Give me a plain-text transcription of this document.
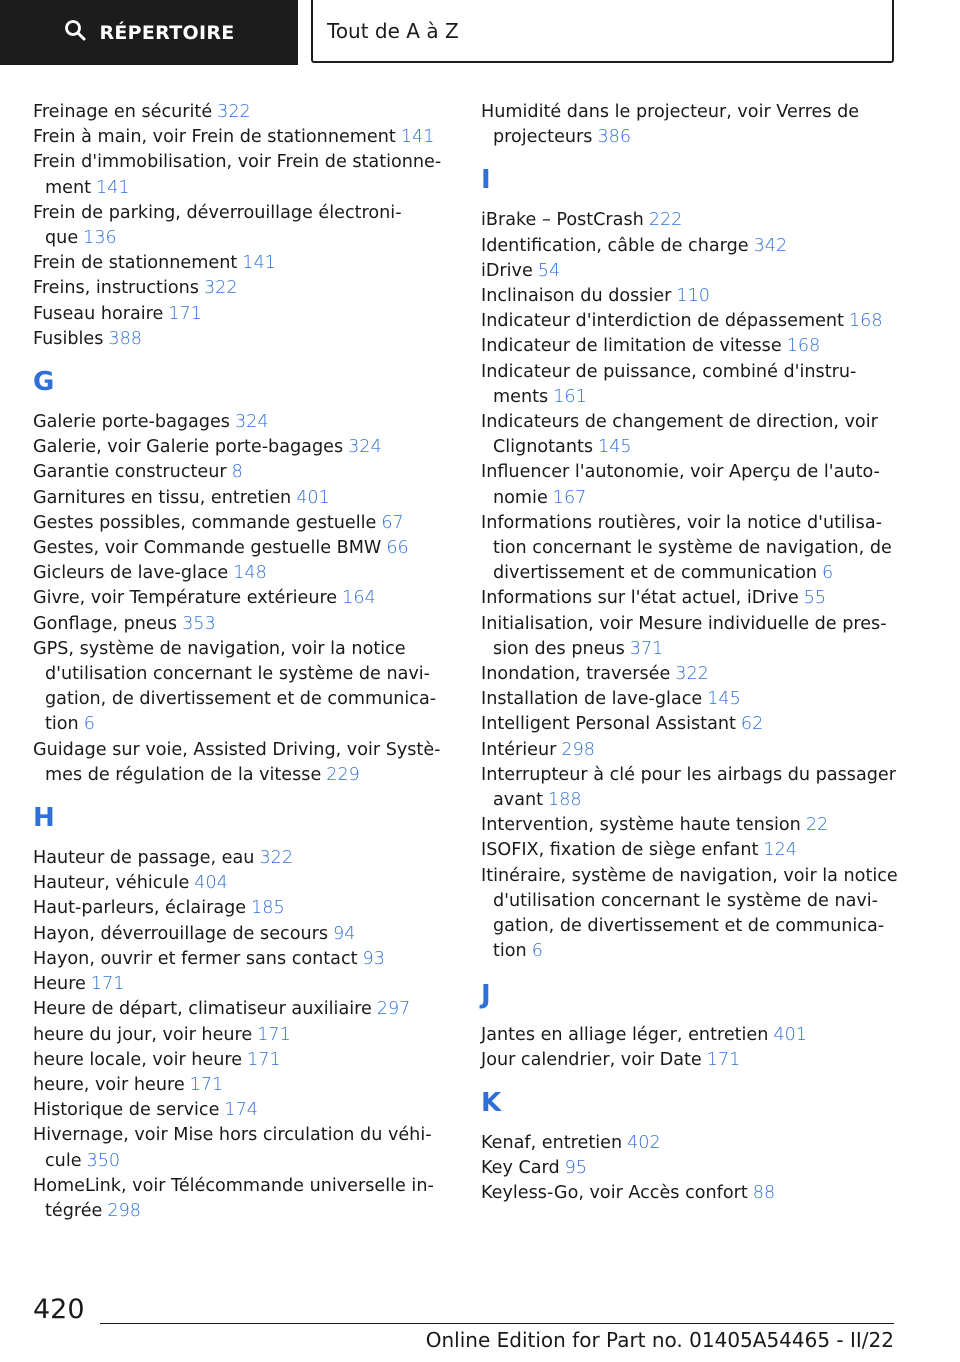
RÉPERTOIRE	Tout de A à Z
Freinage en sécurité 322
Frein à main, voir Frein de stationnement 141
Frein d'immobilisation, voir Frein de stationne-
ment 141
Frein de parking, déverrouillage électroni-
que 136
Frein de stationnement 141
Freins, instructions 322
Fuseau horaire 171
Fusibles 388
G
Galerie porte-bagages 324
Galerie, voir Galerie porte-bagages 324
Garantie constructeur 8
Garnitures en tissu, entretien 401
Gestes possibles, commande gestuelle 67
Gestes, voir Commande gestuelle BMW 66
Gicleurs de lave-glace 148
Givre, voir Température extérieure 164
Gonflage, pneus 353
GPS, système de navigation, voir la notice
d'utilisation concernant le système de navi-
gation, de divertissement et de communica-
tion 6
Guidage sur voie, Assisted Driving, voir Systè-
mes de régulation de la vitesse 229
H
Hauteur de passage, eau 322
Hauteur, véhicule 404
Haut-parleurs, éclairage 185
Hayon, déverrouillage de secours 94
Hayon, ouvrir et fermer sans contact 93
Heure 171
Heure de départ, climatiseur auxiliaire 297
heure du jour, voir heure 171
heure locale, voir heure 171
heure, voir heure 171
Historique de service 174
Hivernage, voir Mise hors circulation du véhi-
cule 350
HomeLink, voir Télécommande universelle in-
tégrée 298
Humidité dans le projecteur, voir Verres de
projecteurs 386
I
iBrake – PostCrash 222
Identification, câble de charge 342
iDrive 54
Inclinaison du dossier 110
Indicateur d'interdiction de dépassement 168
Indicateur de limitation de vitesse 168
Indicateur de puissance, combiné d'instru-
ments 161
Indicateurs de changement de direction, voir
Clignotants 145
Influencer l'autonomie, voir Aperçu de l'auto-
nomie 167
Informations routières, voir la notice d'utilisa-
tion concernant le système de navigation, de
divertissement et de communication 6
Informations sur l'état actuel, iDrive 55
Initialisation, voir Mesure individuelle de pres-
sion des pneus 371
Inondation, traversée 322
Installation de lave-glace 145
Intelligent Personal Assistant 62
Intérieur 298
Interrupteur à clé pour les airbags du passager
avant 188
Intervention, système haute tension 22
ISOFIX, fixation de siège enfant 124
Itinéraire, système de navigation, voir la notice
d'utilisation concernant le système de navi-
gation, de divertissement et de communica-
tion 6
J
Jantes en alliage léger, entretien 401
Jour calendrier, voir Date 171
K
Kenaf, entretien 402
Key Card 95
Keyless-Go, voir Accès confort 88
420
Online Edition for Part no. 01405A54465 - II/22
